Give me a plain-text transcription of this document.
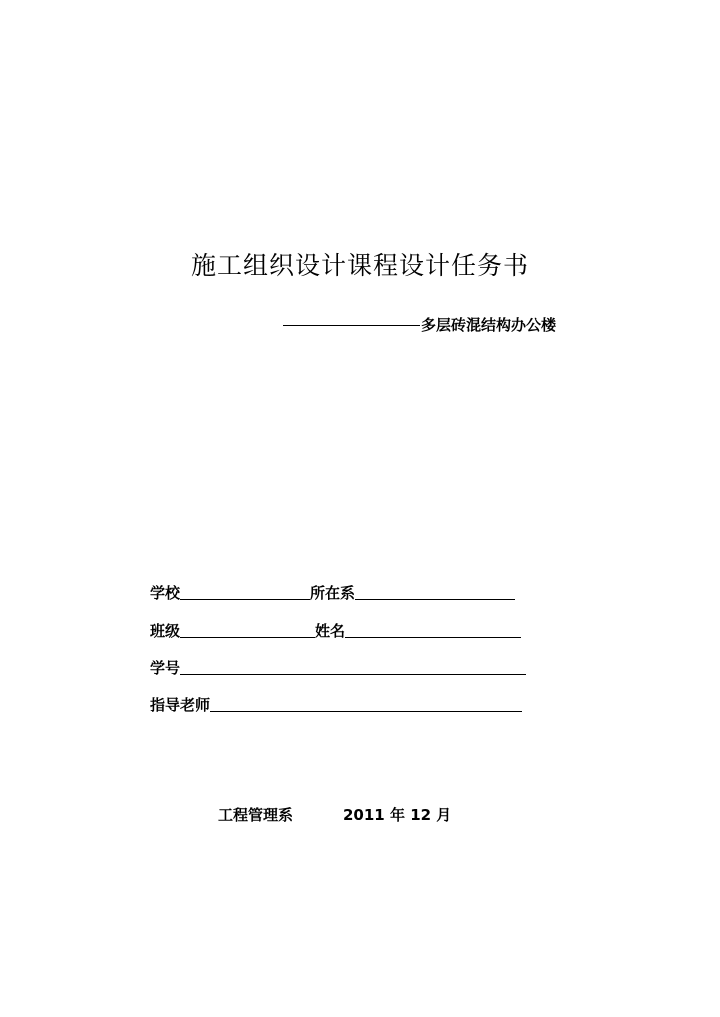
施工组织设计课程设计任务书
多层砖混结构办公楼
学校	所在系
班级	姓名
学号
指导老师
工程管理系	2011 年 12 月
